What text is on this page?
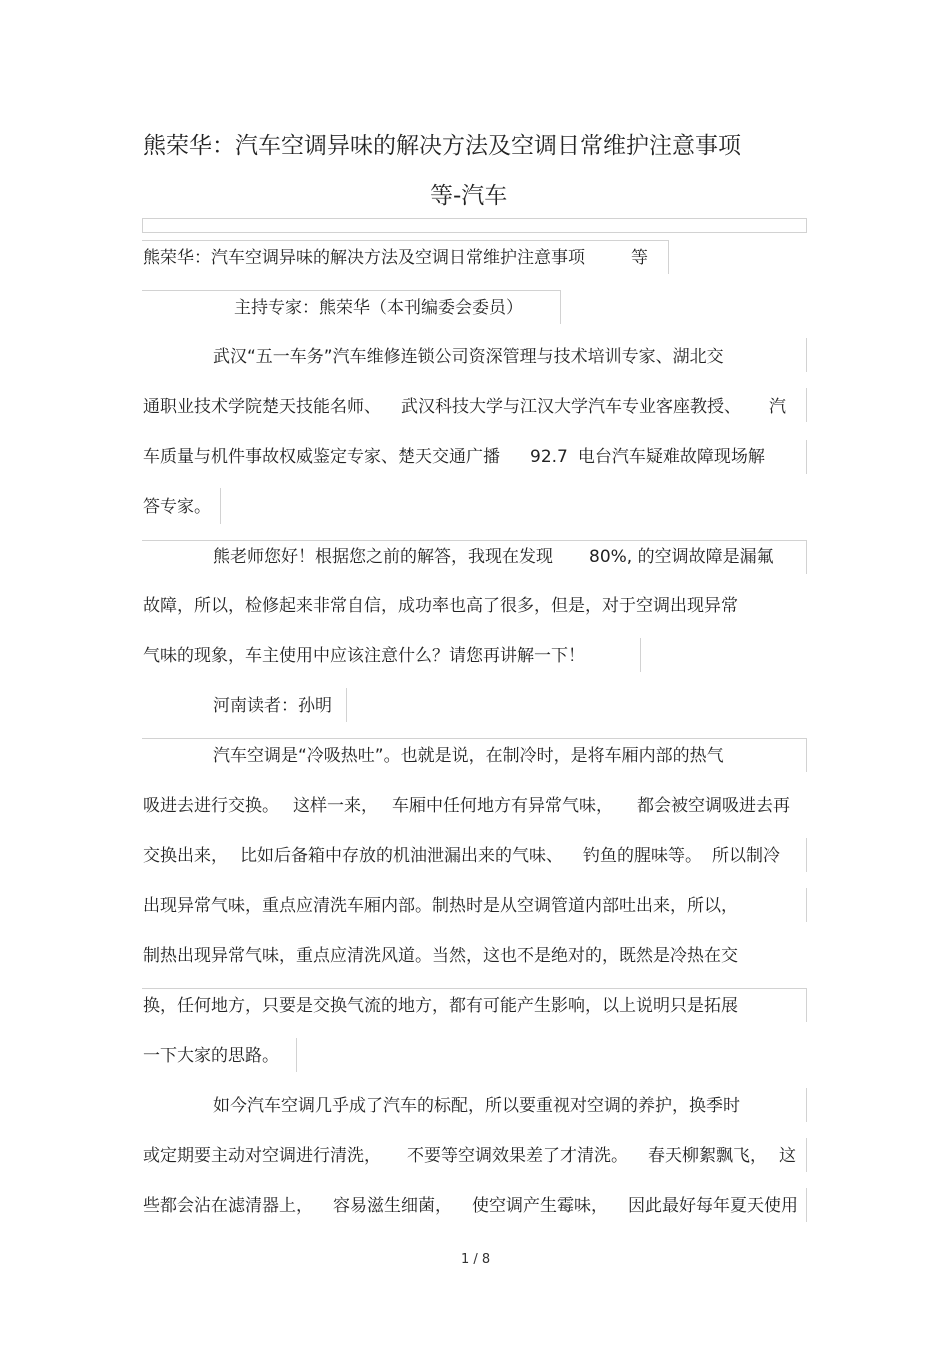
熊荣华：汽车空调异味的解决方法及空调日常维护注意事项
等-汽车
熊荣华：汽车空调异味的解决方法及空调日常维护注意事项	等
主持专家：熊荣华（本刊编委会委员）
武汉“五一车务”汽车维修连锁公司资深管理与技术培训专家、湖北交
通职业技术学院楚天技能名师、 武汉科技大学与江汉大学汽车专业客座教授、 汽
车质量与机件事故权威鉴定专家、楚天交通广播 92.7 电台汽车疑难故障现场解
答专家。
熊老师您好！根据您之前的解答，我现在发现 80%, 的空调故障是漏氟
故障，所以，检修起来非常自信，成功率也高了很多，但是，对于空调出现异常
气味的现象，车主使用中应该注意什么？请您再讲解一下！
河南读者：孙明
汽车空调是“冷吸热吐”。也就是说，在制冷时，是将车厢内部的热气
吸进去进行交换。 这样一来， 车厢中任何地方有异常气味， 都会被空调吸进去再
交换出来， 比如后备箱中存放的机油泄漏出来的气味、 钓鱼的腥味等。 所以制冷
出现异常气味，重点应清洗车厢内部。制热时是从空调管道内部吐出来，所以，
制热出现异常气味，重点应清洗风道。当然，这也不是绝对的，既然是冷热在交
换，任何地方，只要是交换气流的地方，都有可能产生影响，以上说明只是拓展
一下大家的思路。
如今汽车空调几乎成了汽车的标配，所以要重视对空调的养护，换季时
或定期要主动对空调进行清洗， 不要等空调效果差了才清洗。 春天柳絮飘飞， 这
些都会沾在滤清器上， 容易滋生细菌， 使空调产生霉味， 因此最好每年夏天使用
1 / 8
